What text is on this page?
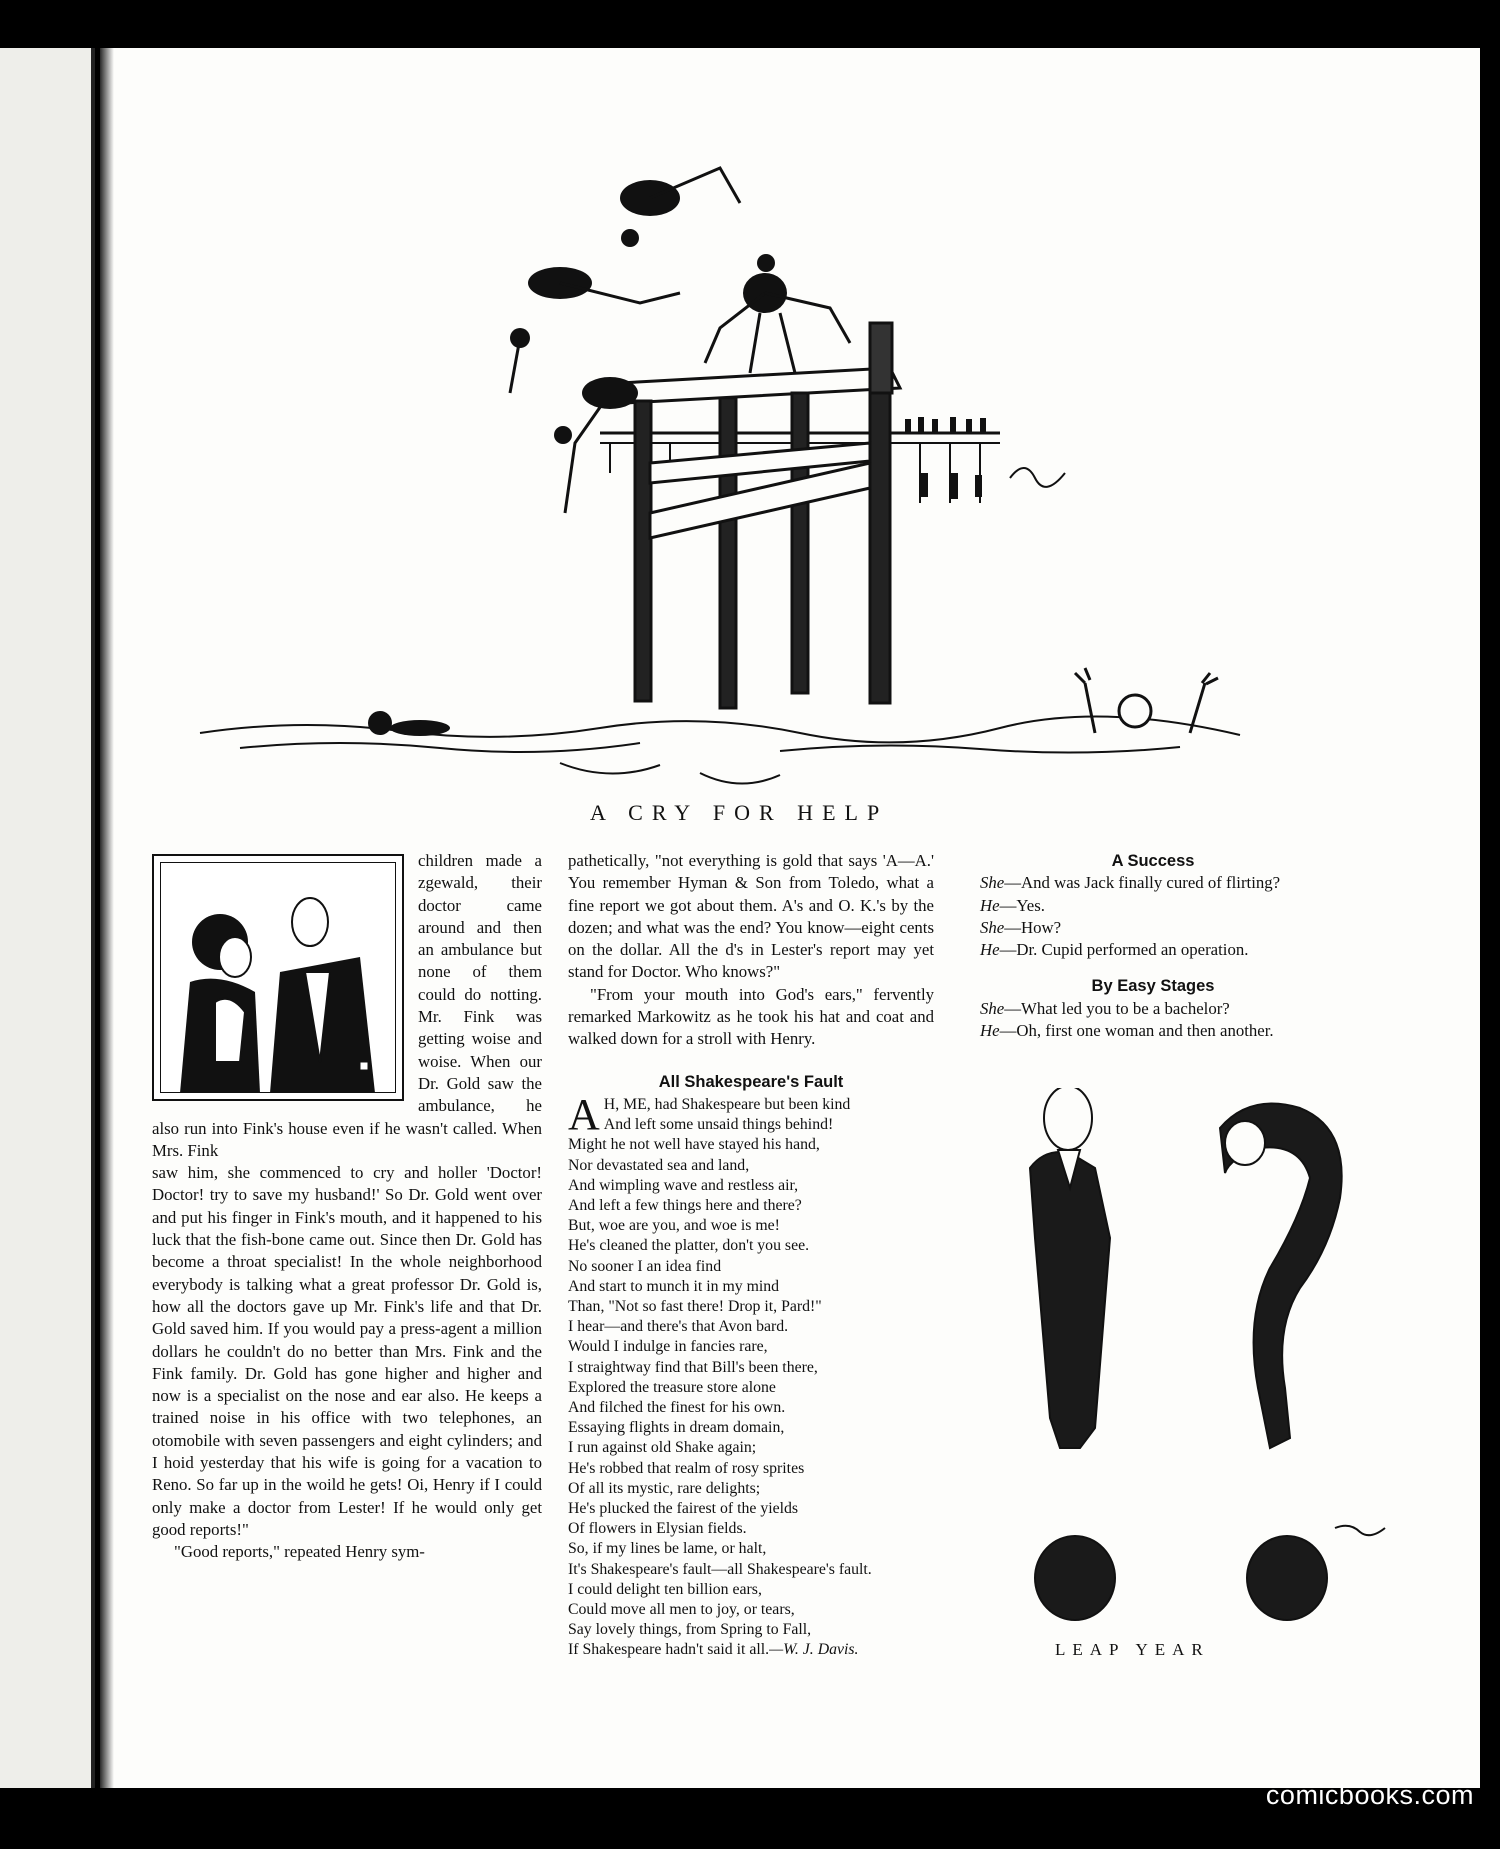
A CRY FOR HELP

children made a zgewald, their doctor came around and then an ambulance but none of them could do notting. Mr. Fink was getting woise and woise. When our Dr. Gold saw the ambulance, he also run into Fink's house even if he wasn't called. When Mrs. Fink

saw him, she commenced to cry and holler 'Doctor! Doctor! try to save my husband!' So Dr. Gold went over and put his finger in Fink's mouth, and it happened to his luck that the fish-bone came out. Since then Dr. Gold has become a throat specialist! In the whole neighborhood everybody is talking what a great professor Dr. Gold is, how all the doctors gave up Mr. Fink's life and that Dr. Gold saved him. If you would pay a press-agent a million dollars he couldn't do no better than Mrs. Fink and the Fink family. Dr. Gold has gone higher and higher and now is a specialist on the nose and ear also. He keeps a trained noise in his office with two telephones, an otomobile with seven passengers and eight cylinders; and I hoid yesterday that his wife is going for a vacation to Reno. So far up in the woild he gets! Oi, Henry if I could only make a doctor from Lester! If he would only get good reports!"

"Good reports," repeated Henry sym-

pathetically, "not everything is gold that says 'A—A.' You remember Hyman & Son from Toledo, what a fine report we got about them. A's and O. K.'s by the dozen; and what was the end? You know—eight cents on the dollar. All the d's in Lester's report may yet stand for Doctor. Who knows?"

"From your mouth into God's ears," fervently remarked Markowitz as he took his hat and coat and walked down for a stroll with Henry.

All Shakespeare's Fault
A H, ME, had Shakespeare but been kind

And left some unsaid things behind!

Might he not well have stayed his hand,

Nor devastated sea and land,

And wimpling wave and restless air,

And left a few things here and there?

But, woe are you, and woe is me!

He's cleaned the platter, don't you see.

No sooner I an idea find

And start to munch it in my mind

Than, "Not so fast there! Drop it, Pard!"

I hear—and there's that Avon bard.

Would I indulge in fancies rare,

I straightway find that Bill's been there,

Explored the treasure store alone

And filched the finest for his own.

Essaying flights in dream domain,

I run against old Shake again;

He's robbed that realm of rosy sprites

Of all its mystic, rare delights;

He's plucked the fairest of the yields

Of flowers in Elysian fields.

So, if my lines be lame, or halt,

It's Shakespeare's fault—all Shakespeare's fault.

I could delight ten billion ears,

Could move all men to joy, or tears,

Say lovely things, from Spring to Fall,

If Shakespeare hadn't said it all.—W. J. Davis.

A Success

She—And was Jack finally cured of flirting?

He—Yes.

She—How?

He—Dr. Cupid performed an operation.

By Easy Stages

She—What led you to be a bachelor?

He—Oh, first one woman and then another.

LEAP YEAR
comicbooks.com
